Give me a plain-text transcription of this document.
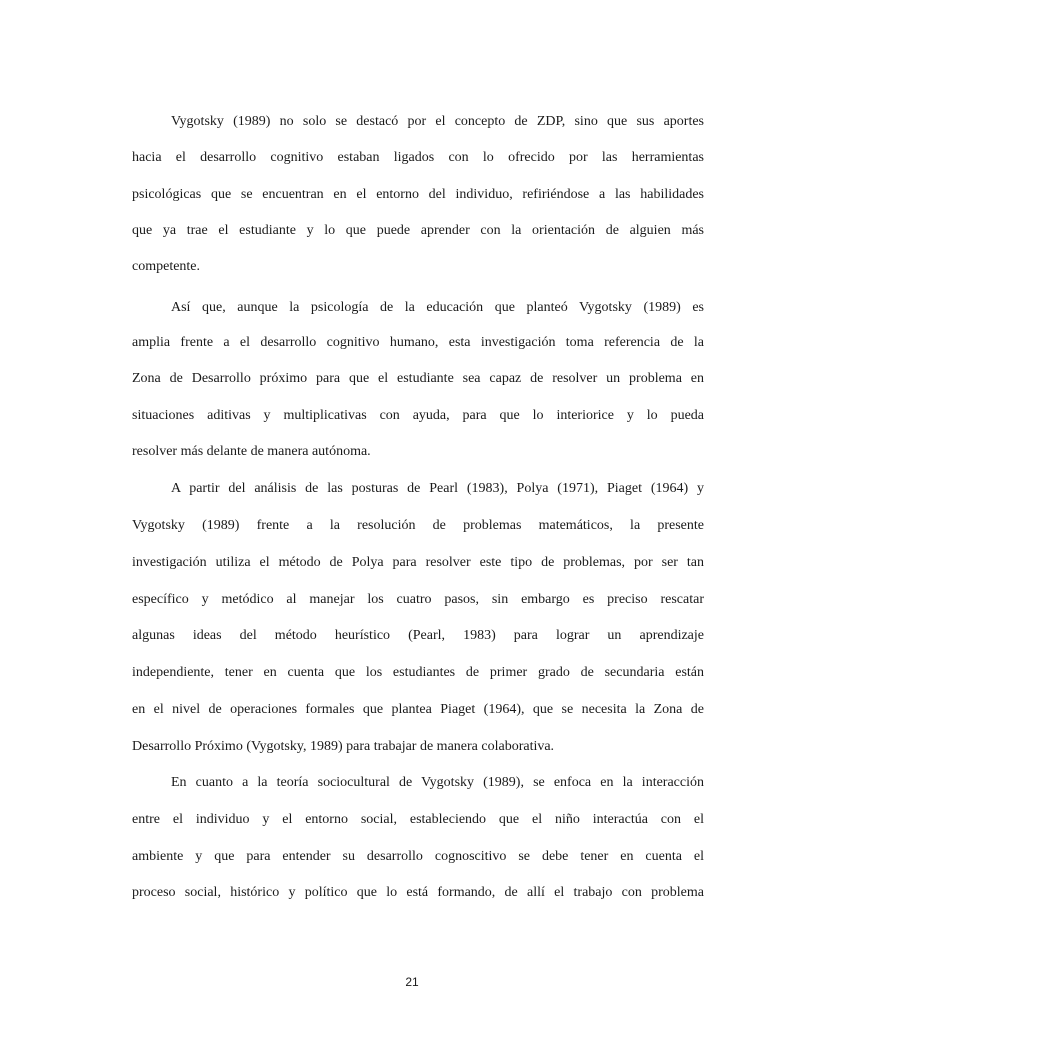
Vygotsky (1989) no solo se destacó por el concepto de ZDP, sino que sus aportes
hacia el desarrollo cognitivo estaban ligados con lo ofrecido por las herramientas
psicológicas que se encuentran en el entorno del individuo, refiriéndose a las habilidades
que ya trae el estudiante y lo que puede aprender con la orientación de alguien más
competente.
Así que, aunque la psicología de la educación que planteó Vygotsky (1989) es
amplia frente a el desarrollo cognitivo humano, esta investigación toma referencia de la
Zona de Desarrollo próximo para que el estudiante sea capaz de resolver un problema en
situaciones aditivas y multiplicativas con ayuda, para que lo interiorice y lo pueda
resolver más delante de manera autónoma.
A partir del análisis de las posturas de Pearl (1983), Polya (1971), Piaget (1964) y
Vygotsky (1989) frente a la resolución de problemas matemáticos, la presente
investigación utiliza el método de Polya para resolver este tipo de problemas, por ser tan
específico y metódico al manejar los cuatro pasos, sin embargo es preciso rescatar
algunas ideas del método heurístico (Pearl, 1983) para lograr un aprendizaje
independiente, tener en cuenta que los estudiantes de primer grado de secundaria están
en el nivel de operaciones formales que plantea Piaget (1964), que se necesita la Zona de
Desarrollo Próximo (Vygotsky, 1989) para trabajar de manera colaborativa.
En cuanto a la teoría sociocultural de Vygotsky (1989), se enfoca en la interacción
entre el individuo y el entorno social, estableciendo que el niño interactúa con el
ambiente y que para entender su desarrollo cognoscitivo se debe tener en cuenta el
proceso social, histórico y político que lo está formando, de allí el trabajo con problema
21
